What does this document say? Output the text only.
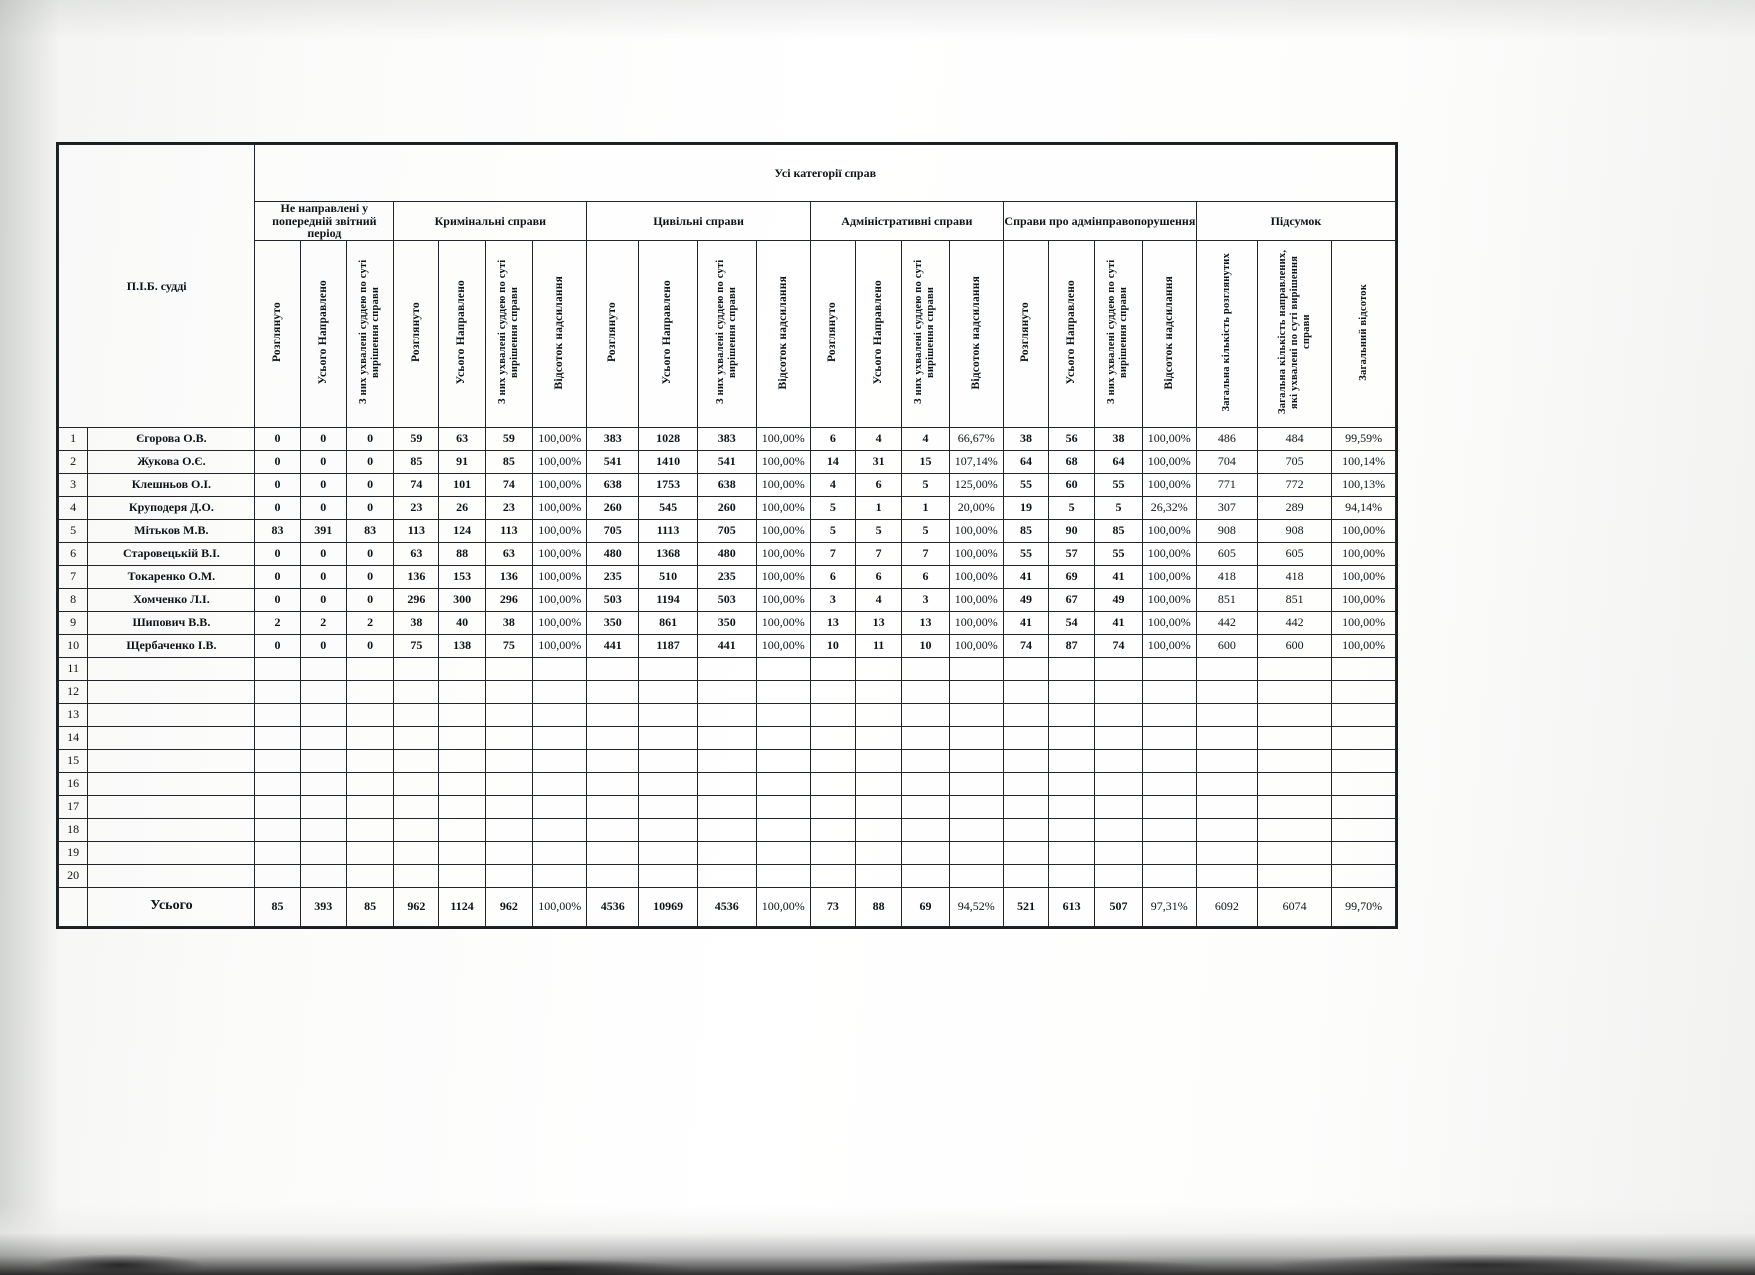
П.І.Б. судді		Усі категорії справ																					
		Не направлені у попередній звітний період			Кримінальні справи				Цивільні справи				Адміністративні справи				Справи про адмінправопорушення				Підсумок		
		Розглянуто	Усього Направлено	З них ухвалені суддею по суті вирішення справи	Розглянуто	Усього Направлено	З них ухвалені суддею по суті вирішення справи	Відсоток надсилання	Розглянуто	Усього Направлено	З них ухвалені суддею по суті вирішення справи	Відсоток надсилання	Розглянуто	Усього Направлено	З них ухвалені суддею по суті вирішення справи	Відсоток надсилання	Розглянуто	Усього Направлено	З них ухвалені суддею по суті вирішення справи	Відсоток надсилання	Загальна кількість розглянутих	Загальна кількість направлених, які ухвалені по суті вирішення справи	Загальний відсоток
1	Єгорова О.В.	0	0	0	59	63	59	100,00%	383	1028	383	100,00%	6	4	4	66,67%	38	56	38	100,00%	486	484	99,59%
2	Жукова О.Є.	0	0	0	85	91	85	100,00%	541	1410	541	100,00%	14	31	15	107,14%	64	68	64	100,00%	704	705	100,14%
3	Клешньов О.І.	0	0	0	74	101	74	100,00%	638	1753	638	100,00%	4	6	5	125,00%	55	60	55	100,00%	771	772	100,13%
4	Круподеря Д.О.	0	0	0	23	26	23	100,00%	260	545	260	100,00%	5	1	1	20,00%	19	5	5	26,32%	307	289	94,14%
5	Мітьков М.В.	83	391	83	113	124	113	100,00%	705	1113	705	100,00%	5	5	5	100,00%	85	90	85	100,00%	908	908	100,00%
6	Старовецькій В.І.	0	0	0	63	88	63	100,00%	480	1368	480	100,00%	7	7	7	100,00%	55	57	55	100,00%	605	605	100,00%
7	Токаренко О.М.	0	0	0	136	153	136	100,00%	235	510	235	100,00%	6	6	6	100,00%	41	69	41	100,00%	418	418	100,00%
8	Хомченко Л.І.	0	0	0	296	300	296	100,00%	503	1194	503	100,00%	3	4	3	100,00%	49	67	49	100,00%	851	851	100,00%
9	Шипович В.В.	2	2	2	38	40	38	100,00%	350	861	350	100,00%	13	13	13	100,00%	41	54	41	100,00%	442	442	100,00%
10	Щербаченко І.В.	0	0	0	75	138	75	100,00%	441	1187	441	100,00%	10	11	10	100,00%	74	87	74	100,00%	600	600	100,00%
11																							
12																							
13																							
14																							
15																							
16																							
17																							
18																							
19																							
20																							
	Усього	85	393	85	962	1124	962	100,00%	4536	10969	4536	100,00%	73	88	69	94,52%	521	613	507	97,31%	6092	6074	99,70%
